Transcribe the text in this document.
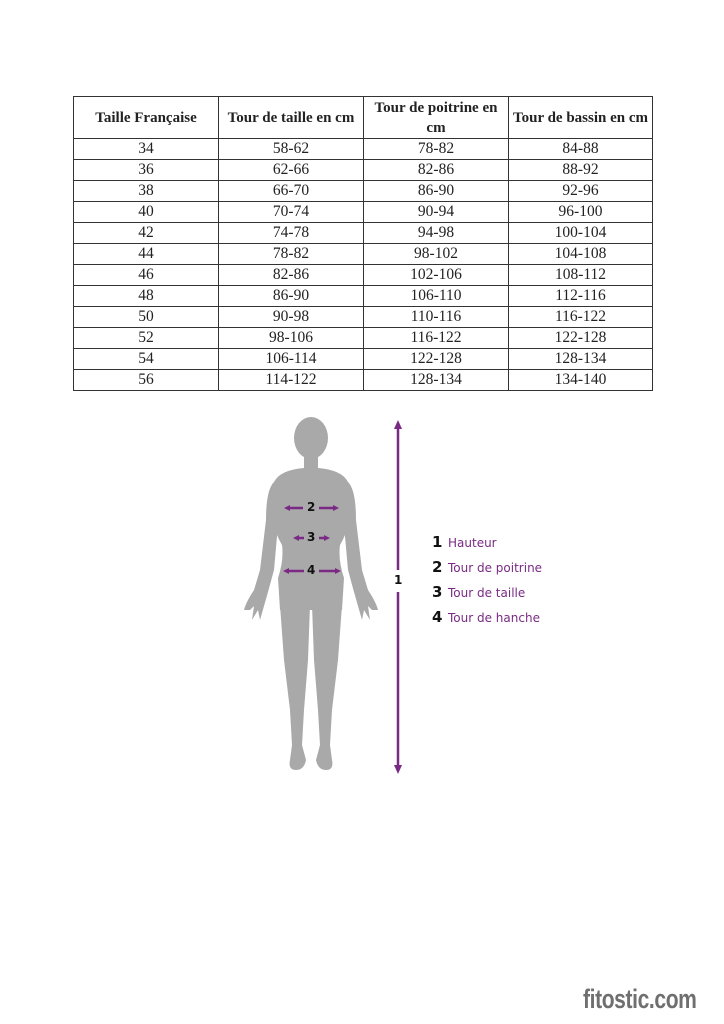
Taille Française	Tour de taille en cm	Tour de poitrine en cm	Tour de bassin en cm
34	58-62	78-82	84-88
36	62-66	82-86	88-92
38	66-70	86-90	92-96
40	70-74	90-94	96-100
42	74-78	94-98	100-104
44	78-82	98-102	104-108
46	82-86	102-106	108-112
48	86-90	106-110	112-116
50	90-98	110-116	116-122
52	98-106	116-122	122-128
54	106-114	122-128	128-134
56	114-122	128-134	134-140
2
3
4
1
1 Hauteur
2 Tour de poitrine
3 Tour de taille
4 Tour de hanche
fitostic.com
